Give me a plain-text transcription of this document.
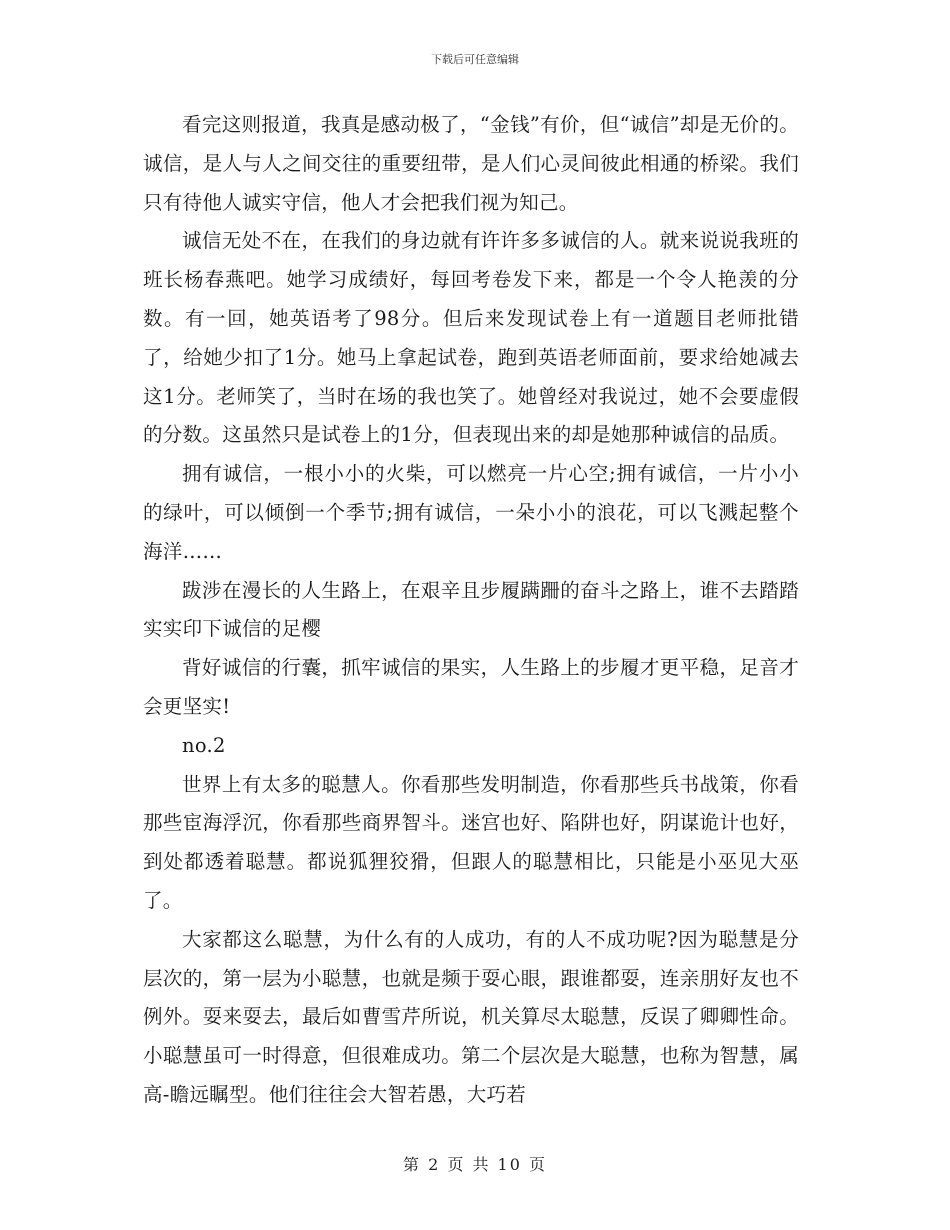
下载后可任意编辑

看完这则报道，我真是感动极了，“金钱”有价，但“诚信”却是无价的。诚信，是人与人之间交往的重要纽带，是人们心灵间彼此相通的桥梁。我们只有待他人诚实守信，他人才会把我们视为知己。

诚信无处不在，在我们的身边就有许许多多诚信的人。就来说说我班的班长杨春燕吧。她学习成绩好，每回考卷发下来，都是一个令人艳羡的分数。有一回，她英语考了98分。但后来发现试卷上有一道题目老师批错了，给她少扣了1分。她马上拿起试卷，跑到英语老师面前，要求给她减去这1分。老师笑了，当时在场的我也笑了。她曾经对我说过，她不会要虚假的分数。这虽然只是试卷上的1分，但表现出来的却是她那种诚信的品质。

拥有诚信，一根小小的火柴，可以燃亮一片心空;拥有诚信，一片小小的绿叶，可以倾倒一个季节;拥有诚信，一朵小小的浪花，可以飞溅起整个海洋……

跋涉在漫长的人生路上，在艰辛且步履蹒跚的奋斗之路上，谁不去踏踏实实印下诚信的足樱

背好诚信的行囊，抓牢诚信的果实，人生路上的步履才更平稳，足音才会更坚实!

no.2

世界上有太多的聪慧人。你看那些发明制造，你看那些兵书战策，你看那些宦海浮沉，你看那些商界智斗。迷宫也好、陷阱也好，阴谋诡计也好，到处都透着聪慧。都说狐狸狡猾，但跟人的聪慧相比，只能是小巫见大巫了。

大家都这么聪慧，为什么有的人成功，有的人不成功呢?因为聪慧是分层次的，第一层为小聪慧，也就是频于耍心眼，跟谁都耍，连亲朋好友也不例外。耍来耍去，最后如曹雪芹所说，机关算尽太聪慧，反误了卿卿性命。小聪慧虽可一时得意，但很难成功。第二个层次是大聪慧，也称为智慧，属高-瞻远瞩型。他们往往会大智若愚，大巧若

第 2 页 共 10 页
